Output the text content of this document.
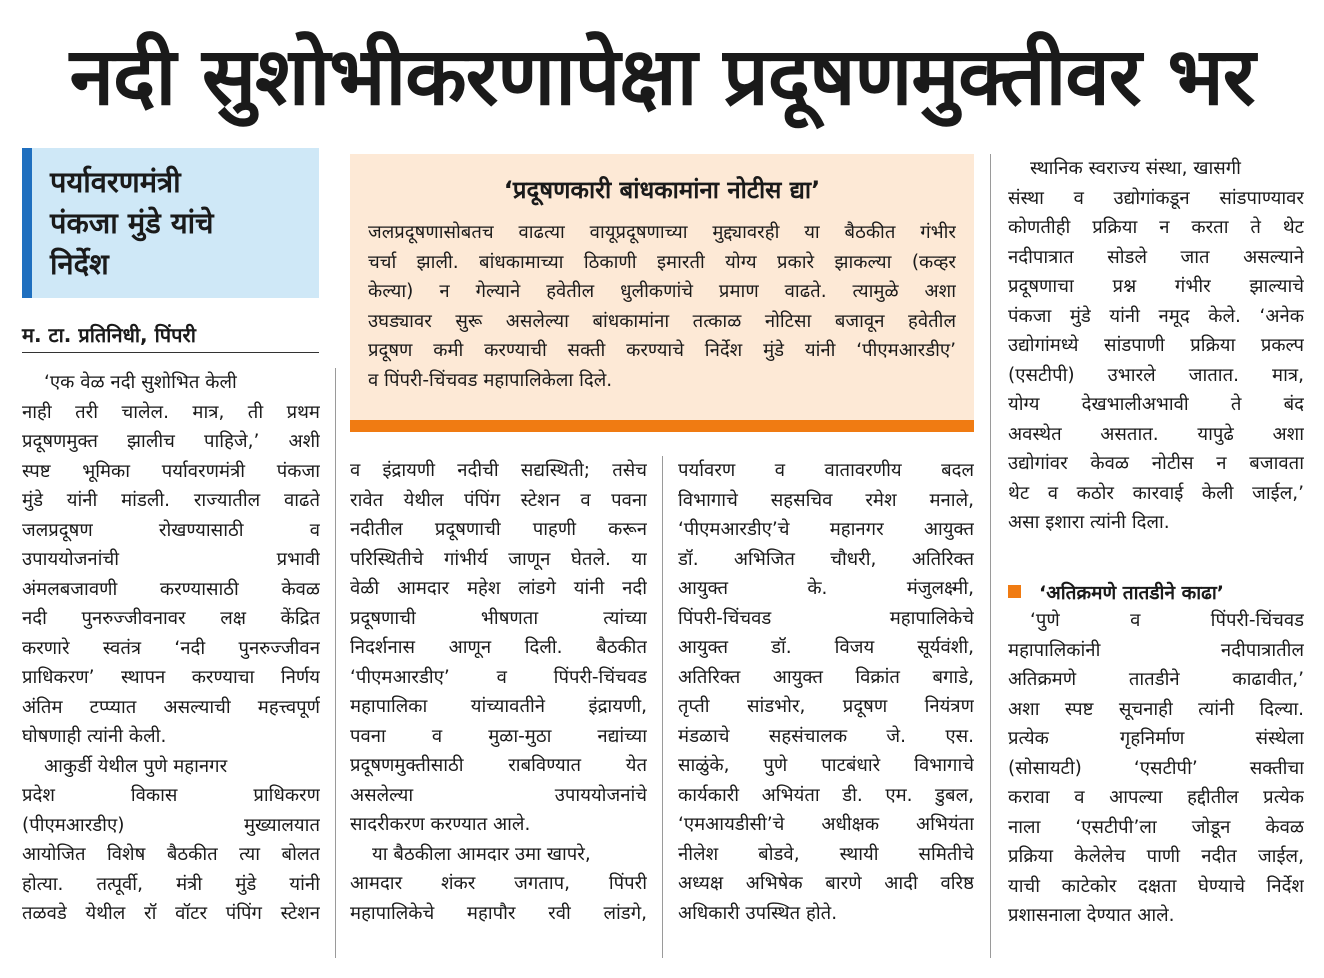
नदी सुशोभीकरणापेक्षा प्रदूषणमुक्तीवर भर
पर्यावरणमंत्री
पंकजा मुंडे यांचे
निर्देश
म. टा. प्रतिनिधी, पिंपरी
‘प्रदूषणकारी बांधकामांना नोटीस द्या’
जलप्रदूषणासोबतच वाढत्या वायूप्रदूषणाच्या मुद्द्यावरही या बैठकीत गंभीर
चर्चा झाली. बांधकामाच्या ठिकाणी इमारती योग्य प्रकारे झाकल्या (कव्हर
केल्या) न गेल्याने हवेतील धुलीकणांचे प्रमाण वाढते. त्यामुळे अशा
उघड्यावर सुरू असलेल्या बांधकामांना तत्काळ नोटिसा बजावून हवेतील
प्रदूषण कमी करण्याची सक्ती करण्याचे निर्देश मुंडे यांनी ‘पीएमआरडीए’
व पिंपरी-चिंचवड महापालिकेला दिले.
‘एक वेळ नदी सुशोभित केली
नाही तरी चालेल. मात्र, ती प्रथम
प्रदूषणमुक्त झालीच पाहिजे,’ अशी
स्पष्ट भूमिका पर्यावरणमंत्री पंकजा
मुंडे यांनी मांडली. राज्यातील वाढते
जलप्रदूषण रोखण्यासाठी व
उपाययोजनांची प्रभावी
अंमलबजावणी करण्यासाठी केवळ
नदी पुनरुज्जीवनावर लक्ष केंद्रित
करणारे स्वतंत्र ‘नदी पुनरुज्जीवन
प्राधिकरण’ स्थापन करण्याचा निर्णय
अंतिम टप्प्यात असल्याची महत्त्वपूर्ण
घोषणाही त्यांनी केली.
आकुर्डी येथील पुणे महानगर
प्रदेश विकास प्राधिकरण
(पीएमआरडीए) मुख्यालयात
आयोजित विशेष बैठकीत त्या बोलत
होत्या. तत्पूर्वी, मंत्री मुंडे यांनी
तळवडे येथील रॉ वॉटर पंपिंग स्टेशन
व इंद्रायणी नदीची सद्यस्थिती; तसेच
रावेत येथील पंपिंग स्टेशन व पवना
नदीतील प्रदूषणाची पाहणी करून
परिस्थितीचे गांभीर्य जाणून घेतले. या
वेळी आमदार महेश लांडगे यांनी नदी
प्रदूषणाची भीषणता त्यांच्या
निदर्शनास आणून दिली. बैठकीत
‘पीएमआरडीए’ व पिंपरी-चिंचवड
महापालिका यांच्यावतीने इंद्रायणी,
पवना व मुळा-मुठा नद्यांच्या
प्रदूषणमुक्तीसाठी राबविण्यात येत
असलेल्या उपाययोजनांचे
सादरीकरण करण्यात आले.
या बैठकीला आमदार उमा खापरे,
आमदार शंकर जगताप, पिंपरी
महापालिकेचे महापौर रवी लांडगे,
पर्यावरण व वातावरणीय बदल
विभागाचे सहसचिव रमेश मनाले,
‘पीएमआरडीए’चे महानगर आयुक्त
डॉ. अभिजित चौधरी, अतिरिक्त
आयुक्त के. मंजुलक्ष्मी,
पिंपरी-चिंचवड महापालिकेचे
आयुक्त डॉ. विजय सूर्यवंशी,
अतिरिक्त आयुक्त विक्रांत बगाडे,
तृप्ती सांडभोर, प्रदूषण नियंत्रण
मंडळाचे सहसंचालक जे. एस.
साळुंके, पुणे पाटबंधारे विभागाचे
कार्यकारी अभियंता डी. एम. डुबल,
‘एमआयडीसी’चे अधीक्षक अभियंता
नीलेश बोडवे, स्थायी समितीचे
अध्यक्ष अभिषेक बारणे आदी वरिष्ठ
अधिकारी उपस्थित होते.
स्थानिक स्वराज्य संस्था, खासगी
संस्था व उद्योगांकडून सांडपाण्यावर
कोणतीही प्रक्रिया न करता ते थेट
नदीपात्रात सोडले जात असल्याने
प्रदूषणाचा प्रश्न गंभीर झाल्याचे
पंकजा मुंडे यांनी नमूद केले. ‘अनेक
उद्योगांमध्ये सांडपाणी प्रक्रिया प्रकल्प
(एसटीपी) उभारले जातात. मात्र,
योग्य देखभालीअभावी ते बंद
अवस्थेत असतात. यापुढे अशा
उद्योगांवर केवळ नोटीस न बजावता
थेट व कठोर कारवाई केली जाईल,’
असा इशारा त्यांनी दिला.
‘अतिक्रमणे तातडीने काढा’
‘पुणे व पिंपरी-चिंचवड
महापालिकांनी नदीपात्रातील
अतिक्रमणे तातडीने काढावीत,’
अशा स्पष्ट सूचनाही त्यांनी दिल्या.
प्रत्येक गृहनिर्माण संस्थेला
(सोसायटी) ‘एसटीपी’ सक्तीचा
करावा व आपल्या हद्दीतील प्रत्येक
नाला ‘एसटीपी’ला जोडून केवळ
प्रक्रिया केलेलेच पाणी नदीत जाईल,
याची काटेकोर दक्षता घेण्याचे निर्देश
प्रशासनाला देण्यात आले.
